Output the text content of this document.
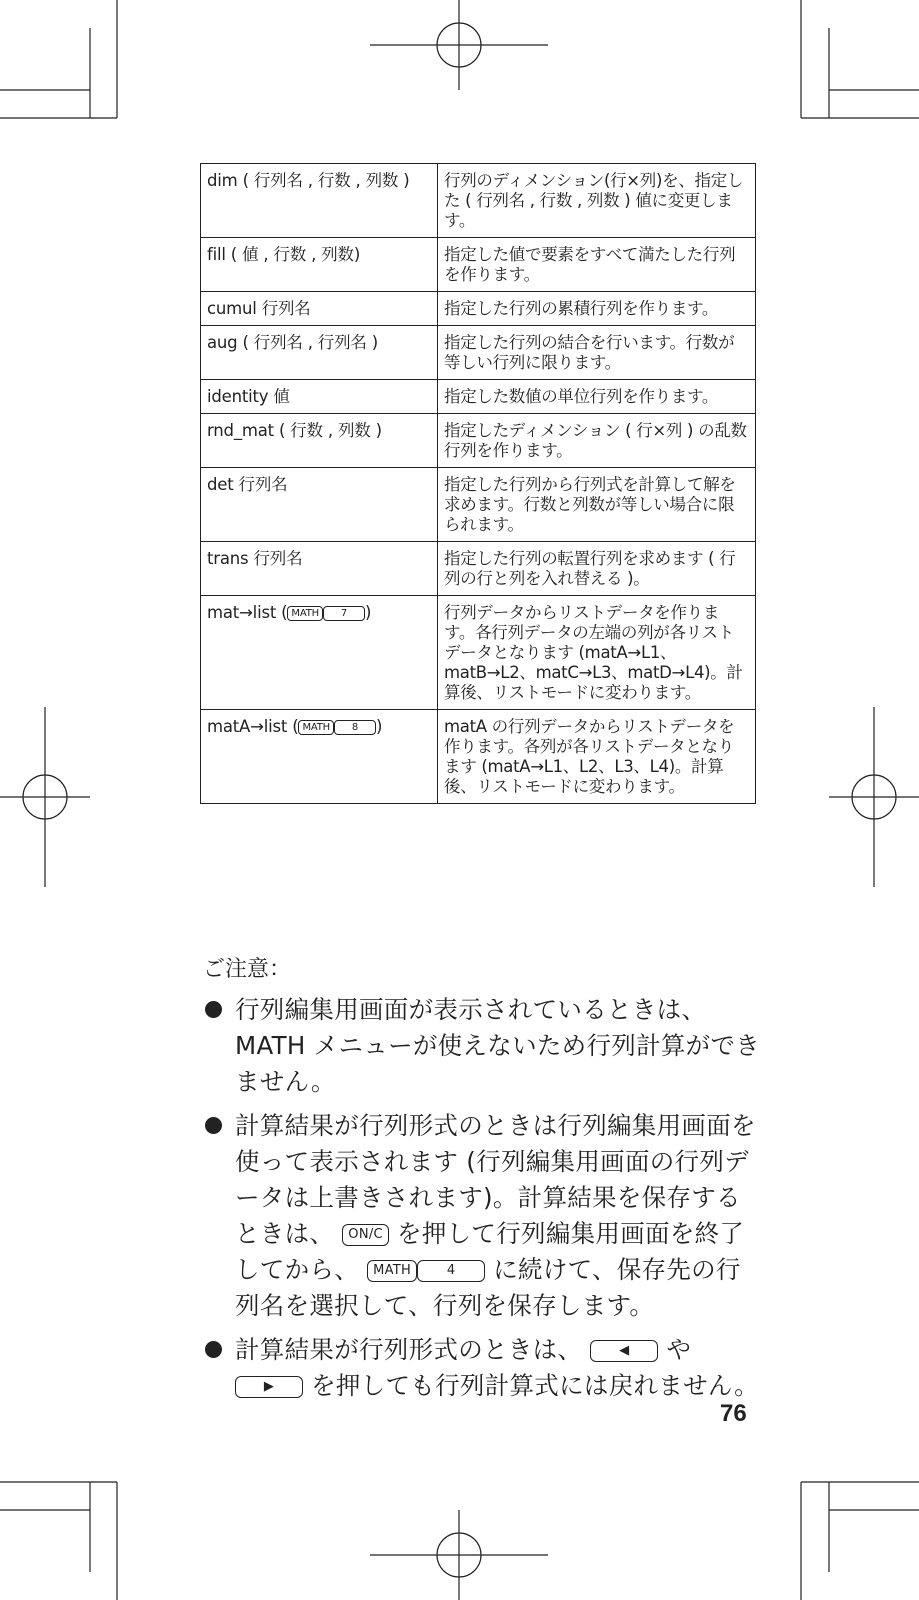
dim ( 行列名 , 行数 , 列数 )	行列のディメンション(行×列)を、指定した ( 行列名 , 行数 , 列数 ) 値に変更します。
fill ( 値 , 行数 , 列数)	指定した値で要素をすべて満たした行列を作ります。
cumul 行列名	指定した行列の累積行列を作ります。
aug ( 行列名 , 行列名 )	指定した行列の結合を行います。行数が等しい行列に限ります。
identity 値	指定した数値の単位行列を作ります。
rnd_mat ( 行数 , 列数 )	指定したディメンション ( 行×列 ) の乱数行列を作ります。
det 行列名	指定した行列から行列式を計算して解を求めます。行数と列数が等しい場合に限られます。
trans 行列名	指定した行列の転置行列を求めます ( 行列の行と列を入れ替える )。
mat→list ( MATH 7 )	行列データからリストデータを作ります。各行列データの左端の列が各リストデータとなります (matA→L1、matB→L2、matC→L3、matD→L4)。計算後、リストモードに変わります。
matA→list ( MATH 8 )	matA の行列データからリストデータを作ります。各列が各リストデータとなります (matA→L1、L2、L3、L4)。計算後、リストモードに変わります。
ご注意：
行列編集用画面が表示されているときは、MATH メニューが使えないため行列計算ができません。
計算結果が行列形式のときは行列編集用画面を使って表示されます (行列編集用画面の行列データは上書きされます)。計算結果を保存するときは、 ON/C を押して行列編集用画面を終了してから、 MATH	4 に続けて、保存先の行列名を選択して、行列を保存します。
計算結果が行列形式のときは、	◀ や ▶ を押しても行列計算式には戻れません。
76
